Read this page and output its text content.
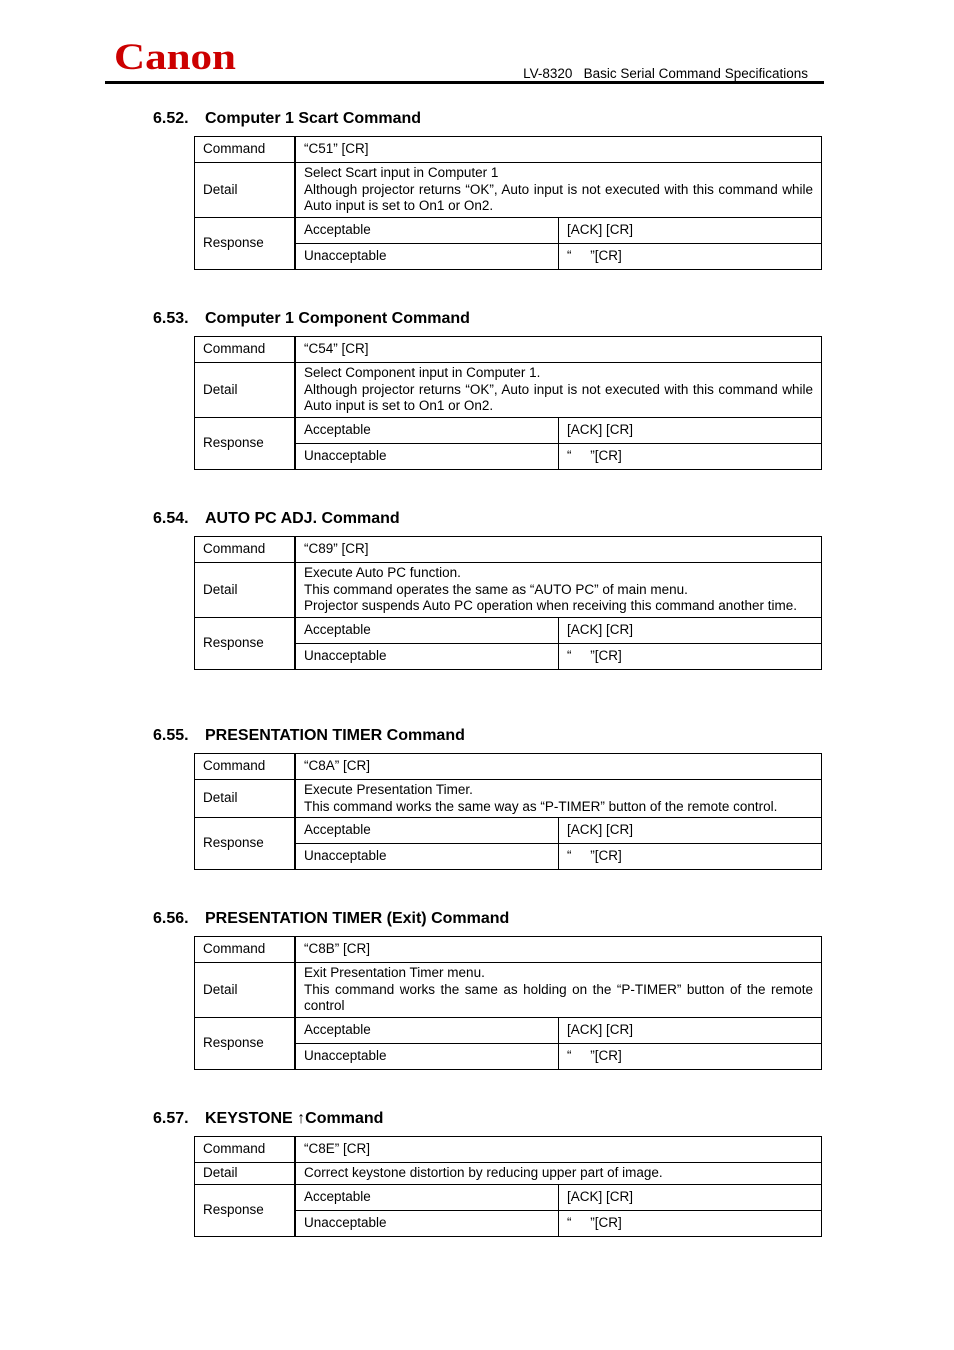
Canon	LV-8320   Basic Serial Command Specifications
6.52. Computer 1 Scart Command
Command	“C51” [CR]	
Detail	Select Scart input in Computer 1
Although projector returns “OK”, Auto input is not executed with this command while Auto input is set to On1 or On2.	

Response	Acceptable	[ACK] [CR]
	Unacceptable	“     ”[CR]
6.53. Computer 1 Component Command
Command	“C54” [CR]	
Detail	Select Component input in Computer 1.
Although projector returns “OK”, Auto input is not executed with this command while Auto input is set to On1 or On2.	

Response	Acceptable	[ACK] [CR]
	Unacceptable	“     ”[CR]
6.54. AUTO PC ADJ. Command
Command	“C89” [CR]	
Detail	Execute Auto PC function.
This command operates the same as “AUTO PC” of main menu.
Projector suspends Auto PC operation when receiving this command another time.	

Response	Acceptable	[ACK] [CR]
	Unacceptable	“     ”[CR]
6.55. PRESENTATION TIMER Command
Command	“C8A” [CR]	
Detail	Execute Presentation Timer.
This command works the same way as “P-TIMER” button of the remote control.	

Response	Acceptable	[ACK] [CR]
	Unacceptable	“     ”[CR]
6.56. PRESENTATION TIMER (Exit) Command
Command	“C8B” [CR]	
Detail	Exit Presentation Timer menu.
This command works the same as holding on the “P-TIMER” button of the remote control	

Response	Acceptable	[ACK] [CR]
	Unacceptable	“     ”[CR]
6.57. KEYSTONE ↑Command
Command	“C8E” [CR]	
Detail	Correct keystone distortion by reducing upper part of image.	

Response	Acceptable	[ACK] [CR]
	Unacceptable	“     ”[CR]
